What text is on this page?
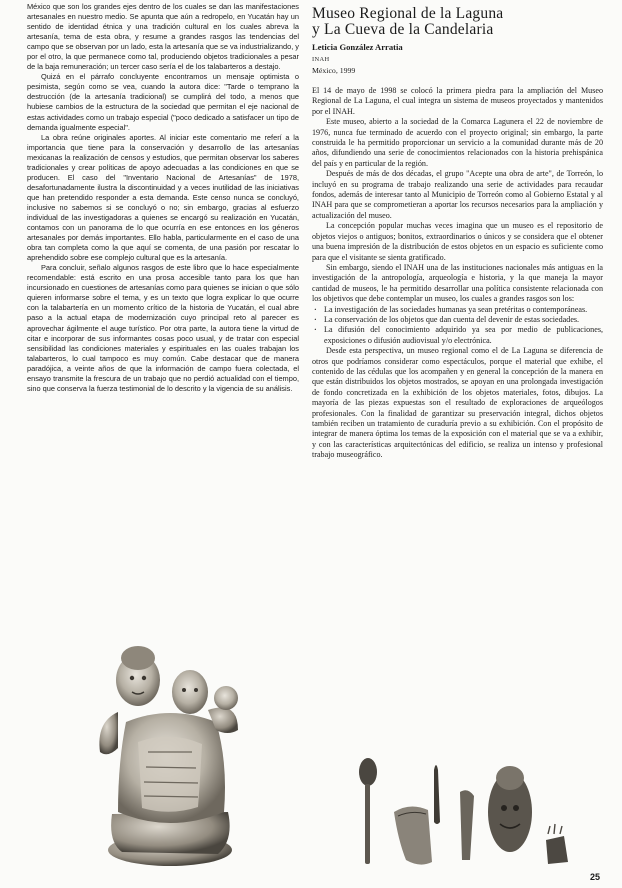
México que son los grandes ejes dentro de los cuales se dan las manifestaciones artesanales en nuestro medio. Se apunta que aún a redropelo, en Yucatán hay un sentido de identidad étnica y una tradición cultural en los cuales abreva la artesanía, tema de esta obra, y resume a grandes rasgos las tendencias del campo que se observan por un lado, esta la artesanía que se va industrializando, y por el otro, la que permanece como tal, produciendo objetos tradicionales a pesar de la baja remuneración; un tercer caso sería el de los talabarteros a destajo.

Quizá en el párrafo concluyente encontramos un mensaje optimista o pesimista, según como se vea, cuando la autora dice: "Tarde o temprano la destrucción (de la artesanía tradicional) se cumplirá del todo, a menos que hubiese cambios de la estructura de la sociedad que permitan el eje nacional de estas actividades como un trabajo especial ("poco dedicado a satisfacer un tipo de demanda igualmente especial".

La obra reúne originales aportes. Al iniciar este comentario me referí a la importancia que tiene para la conservación y desarrollo de las artesanías mexicanas la realización de censos y estudios, que permitan observar los saberes tradicionales y crear políticas de apoyo adecuadas a las condiciones en que se producen. El caso del "Inventario Nacional de Artesanías" de 1978, desafortunadamente ilustra la discontinuidad y a veces inutilidad de las iniciativas que han pretendido responder a esta demanda. Este censo nunca se concluyó, inclusive no sabemos si se concluyó o no; sin embargo, gracias al esfuerzo individual de las investigadoras a quienes se encargó su realización en Yucatán, contamos con un panorama de lo que ocurría en ese entonces en los géneros artesanales por demás importantes. Ello habla, particularmente en el caso de una obra tan completa como la que aquí se comenta, de una pasión por rescatar lo aprehendido sobre ese complejo cultural que es la artesanía.

Para concluir, señalo algunos rasgos de este libro que lo hace especialmente recomendable: está escrito en una prosa accesible tanto para los que han incursionado en cuestiones de artesanías como para quienes se inician o que sólo quieren informarse sobre el tema, y es un texto que logra explicar lo que ocurre con la talabartería en un momento crítico de la historia de Yucatán, el cual abre paso a la actual etapa de modernización cuyo principal reto al parecer es aprovechar ágilmente el auge turístico. Por otra parte, la autora tiene la virtud de citar e incorporar de sus informantes cosas poco usual, y de tratar con especial sensibilidad las condiciones materiales y espirituales en las cuales trabajan los talabarteros, lo cual tampoco es muy común. Cabe destacar que de manera paradójica, a veinte años de que la información de campo fuera colectada, el ensayo transmite la frescura de un trabajo que no perdió actualidad con el tiempo, sino que conserva la fuerza testimonial de lo descrito y la vigencia de su análisis.

Museo Regional de la Laguna
y La Cueva de la Candelaria
Leticia González Arratia
INAH
México, 1999

El 14 de mayo de 1998 se colocó la primera piedra para la ampliación del Museo Regional de La Laguna, el cual integra un sistema de museos proyectados y mantenidos por el INAH.

Este museo, abierto a la sociedad de la Comarca Lagunera el 22 de noviembre de 1976, nunca fue terminado de acuerdo con el proyecto original; sin embargo, la parte construida le ha permitido proporcionar un servicio a la comunidad durante más de 20 años, difundiendo una serie de conocimientos relacionados con la historia prehispánica del país y en particular de la región.

Después de más de dos décadas, el grupo "Acepte una obra de arte", de Torreón, lo incluyó en su programa de trabajo realizando una serie de actividades para recaudar fondos, además de interesar tanto al Municipio de Torreón como al Gobierno Estatal y al INAH para que se comprometieran a aportar los recursos necesarios para la ampliación y actualización del museo.

La concepción popular muchas veces imagina que un museo es el repositorio de objetos viejos o antiguos; bonitos, extraordinarios o únicos y se considera que el obtener una buena impresión de la distribución de estos objetos en un espacio es suficiente como para que el visitante se sienta gratificado.

Sin embargo, siendo el INAH una de las instituciones nacionales más antiguas en la investigación de la antropología, arqueología e historia, y la que maneja la mayor cantidad de museos, le ha permitido desarrollar una política consistente relacionada con los objetivos que debe contemplar un museo, los cuales a grandes rasgos son los:

· La investigación de las sociedades humanas ya sean pretéritas o contemporáneas.

· La conservación de los objetos que dan cuenta del devenir de estas sociedades.

· La difusión del conocimiento adquirido ya sea por medio de publicaciones, exposiciones o difusión audiovisual y/o electrónica.

Desde esta perspectiva, un museo regional como el de La Laguna se diferencia de otros que podríamos considerar como espectáculos, porque el material que exhibe, el contenido de las cédulas que los acompañen y en general la concepción de la manera en que están distribuidos los objetos mostrados, se apoyan en una prolongada investigación de fondo concretizada en la exhibición de los objetos materiales, fotos, dibujos. La mayoría de las piezas expuestas son el resultado de exploraciones de arqueólogos profesionales. Con la finalidad de garantizar su preservación integral, dichos objetos también reciben un tratamiento de curaduría previo a su exhibición. Con el propósito de integrar de manera óptima los temas de la exposición con el material que se va a exhibir, y con las características arquitectónicas del edificio, se realiza un intenso y profesional trabajo museográfico.

25
